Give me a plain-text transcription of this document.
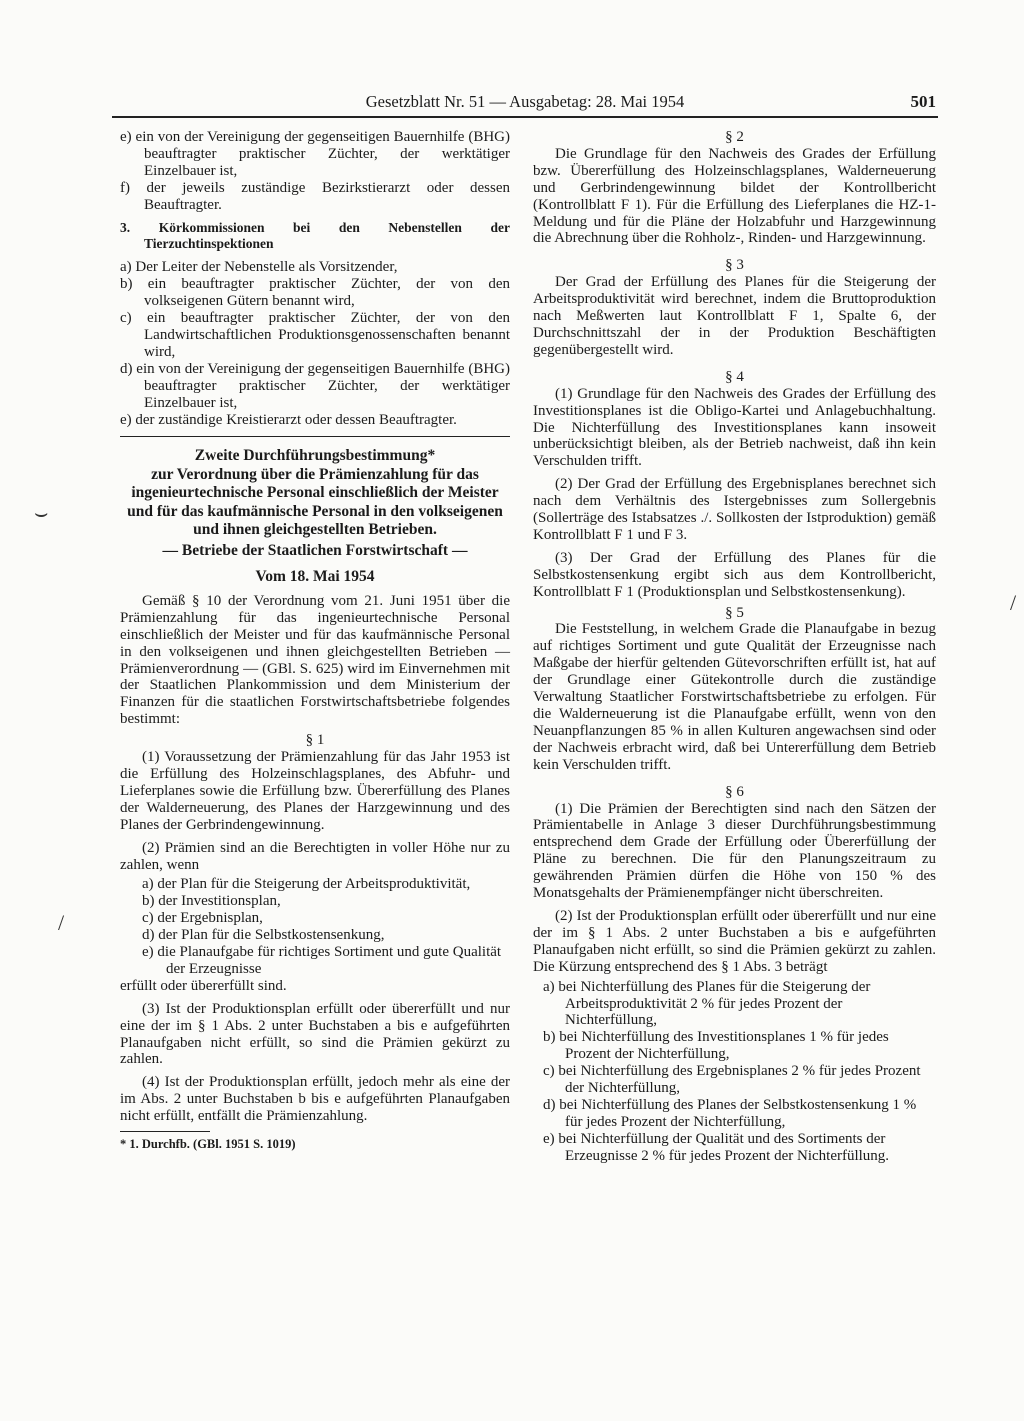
Gesetzblatt Nr. 51 — Ausgabetag: 28. Mai 1954	501
⌣
/
/

e) ein von der Vereinigung der gegenseitigen Bauernhilfe (BHG) beauftragter praktischer Züchter, der werktätiger Einzelbauer ist,

f) der jeweils zuständige Bezirkstierarzt oder dessen Beauftragter.

3. Körkommissionen bei den Nebenstellen der Tierzuchtinspektionen

a) Der Leiter der Nebenstelle als Vorsitzender,

b) ein beauftragter praktischer Züchter, der von den volkseigenen Gütern benannt wird,

c) ein beauftragter praktischer Züchter, der von den Landwirtschaftlichen Produktionsgenossenschaften benannt wird,

d) ein von der Vereinigung der gegenseitigen Bauernhilfe (BHG) beauftragter praktischer Züchter, der werktätiger Einzelbauer ist,

e) der zuständige Kreistierarzt oder dessen Beauftragter.

Zweite Durchführungsbestimmung*

zur Verordnung über die Prämienzahlung für das ingenieurtechnische Personal einschließlich der Meister und für das kaufmännische Personal in den volkseigenen und ihnen gleichgestellten Betrieben.

— Betriebe der Staatlichen Forstwirtschaft —

Vom 18. Mai 1954

Gemäß § 10 der Verordnung vom 21. Juni 1951 über die Prämienzahlung für das ingenieurtechnische Personal einschließlich der Meister und für das kaufmännische Personal in den volkseigenen und ihnen gleichgestellten Betrieben — Prämienverordnung — (GBl. S. 625) wird im Einvernehmen mit der Staatlichen Plankommission und dem Ministerium der Finanzen für die staatlichen Forstwirtschaftsbetriebe folgendes bestimmt:

§ 1

(1) Voraussetzung der Prämienzahlung für das Jahr 1953 ist die Erfüllung des Holzeinschlagsplanes, des Abfuhr- und Lieferplanes sowie die Erfüllung bzw. Übererfüllung des Planes der Walderneuerung, des Planes der Harzgewinnung und des Planes der Gerbrindengewinnung.

(2) Prämien sind an die Berechtigten in voller Höhe nur zu zahlen, wenn

a) der Plan für die Steigerung der Arbeitsproduktivität,

b) der Investitionsplan,

c) der Ergebnisplan,

d) der Plan für die Selbstkostensenkung,

e) die Planaufgabe für richtiges Sortiment und gute Qualität der Erzeugnisse

erfüllt oder übererfüllt sind.

(3) Ist der Produktionsplan erfüllt oder übererfüllt und nur eine der im § 1 Abs. 2 unter Buchstaben a bis e aufgeführten Planaufgaben nicht erfüllt, so sind die Prämien gekürzt zu zahlen.

(4) Ist der Produktionsplan erfüllt, jedoch mehr als eine der im Abs. 2 unter Buchstaben b bis e aufgeführten Planaufgaben nicht erfüllt, entfällt die Prämienzahlung.

* 1. Durchfb. (GBl. 1951 S. 1019)

§ 2

Die Grundlage für den Nachweis des Grades der Erfüllung bzw. Übererfüllung des Holzeinschlagsplanes, Walderneuerung und Gerbrindengewinnung bildet der Kontrollbericht (Kontrollblatt F 1). Für die Erfüllung des Lieferplanes die HZ-1-Meldung und für die Pläne der Holzabfuhr und Harzgewinnung die Abrechnung über die Rohholz-, Rinden- und Harzgewinnung.

§ 3

Der Grad der Erfüllung des Planes für die Steigerung der Arbeitsproduktivität wird berechnet, indem die Bruttoproduktion nach Meßwerten laut Kontrollblatt F 1, Spalte 6, der Durchschnittszahl der in der Produktion Beschäftigten gegenübergestellt wird.

§ 4

(1) Grundlage für den Nachweis des Grades der Erfüllung des Investitionsplanes ist die Obligo-Kartei und Anlagebuchhaltung. Die Nichterfüllung des Investitionsplanes kann insoweit unberücksichtigt bleiben, als der Betrieb nachweist, daß ihn kein Verschulden trifft.

(2) Der Grad der Erfüllung des Ergebnisplanes berechnet sich nach dem Verhältnis des Istergebnisses zum Sollergebnis (Sollerträge des Istabsatzes ./. Sollkosten der Istproduktion) gemäß Kontrollblatt F 1 und F 3.

(3) Der Grad der Erfüllung des Planes für die Selbstkostensenkung ergibt sich aus dem Kontrollbericht, Kontrollblatt F 1 (Produktionsplan und Selbstkostensenkung).

§ 5

Die Feststellung, in welchem Grade die Planaufgabe in bezug auf richtiges Sortiment und gute Qualität der Erzeugnisse nach Maßgabe der hierfür geltenden Gütevorschriften erfüllt ist, hat auf der Grundlage einer Gütekontrolle durch die zuständige Verwaltung Staatlicher Forstwirtschaftsbetriebe zu erfolgen. Für die Walderneuerung ist die Planaufgabe erfüllt, wenn von den Neuanpflanzungen 85 % in allen Kulturen angewachsen sind oder der Nachweis erbracht wird, daß bei Untererfüllung dem Betrieb kein Verschulden trifft.

§ 6

(1) Die Prämien der Berechtigten sind nach den Sätzen der Prämientabelle in Anlage 3 dieser Durchführungsbestimmung entsprechend dem Grade der Erfüllung oder Übererfüllung der Pläne zu berechnen. Die für den Planungszeitraum zu gewährenden Prämien dürfen die Höhe von 150 % des Monatsgehalts der Prämienempfänger nicht überschreiten.

(2) Ist der Produktionsplan erfüllt oder übererfüllt und nur eine der im § 1 Abs. 2 unter Buchstaben a bis e aufgeführten Planaufgaben nicht erfüllt, so sind die Prämien gekürzt zu zahlen. Die Kürzung entsprechend des § 1 Abs. 3 beträgt

a) bei Nichterfüllung des Planes für die Steigerung der Arbeitsproduktivität 2 % für jedes Prozent der Nichterfüllung,

b) bei Nichterfüllung des Investitionsplanes 1 % für jedes Prozent der Nichterfüllung,

c) bei Nichterfüllung des Ergebnisplanes 2 % für jedes Prozent der Nichterfüllung,

d) bei Nichterfüllung des Planes der Selbstkostensenkung 1 % für jedes Prozent der Nichterfüllung,

e) bei Nichterfüllung der Qualität und des Sortiments der Erzeugnisse 2 % für jedes Prozent der Nichterfüllung.
